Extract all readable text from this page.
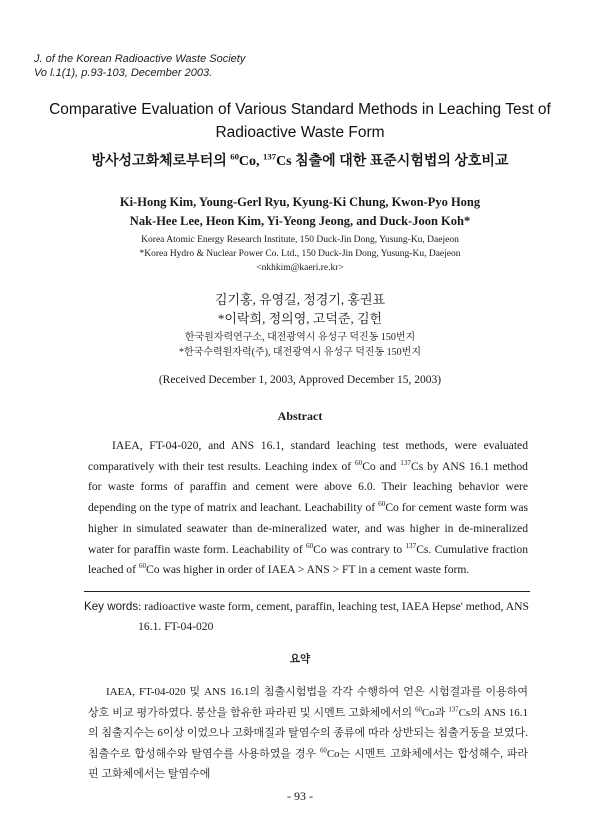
J. of the Korean Radioactive Waste Society
Vo l.1(1), p.93-103, December 2003.
Comparative Evaluation of Various Standard Methods in Leaching Test of
Radioactive Waste Form
방사성고화체로부터의 $^{60}$Co, $^{137}$Cs 침출에 대한 표준시험법의 상호비교
Ki-Hong Kim, Young-Gerl Ryu, Kyung-Ki Chung, Kwon-Pyo Hong
Nak-Hee Lee, Heon Kim, Yi-Yeong Jeong, and Duck-Joon Koh*
Korea Atomic Energy Research Institute, 150 Duck-Jin Dong, Yusung-Ku, Daejeon
*Korea Hydro & Nuclear Power Co. Ltd., 150 Duck-Jin Dong, Yusung-Ku, Daejeon
<nkhkim@kaeri.re.kr>
김기홍, 유영길, 정경기, 홍권표
*이락희, 정의영, 고덕준, 김헌
한국원자력연구소, 대전광역시 유성구 덕진동 150번지
*한국수력원자력(주), 대전광역시 유성구 덕진동 150번지
(Received December 1, 2003, Approved December 15, 2003)
Abstract
IAEA, FT-04-020, and ANS 16.1, standard leaching test methods, were evaluated comparatively with their test results. Leaching index of $^{60}$Co and $^{137}$Cs by ANS 16.1 method for waste forms of paraffin and cement were above 6.0. Their leaching behavior were depending on the type of matrix and leachant. Leachability of $^{60}$Co for cement waste form was higher in simulated seawater than de-mineralized water, and was higher in de-mineralized water for paraffin waste form. Leachability of $^{60}$Co was contrary to $^{137}$Cs. Cumulative fraction leached of $^{60}$Co was higher in order of IAEA > ANS > FT in a cement waste form.
Key words : radioactive waste form, cement, paraffin, leaching test, IAEA Hepse' method, ANS 16.1. FT-04-020
요약
IAEA, FT-04-020 및 ANS 16.1의 침출시험법을 각각 수행하여 얻은 시험결과를 이용하여 상호 비교 평가하였다. 붕산을 함유한 파라핀 및 시멘트 고화체에서의 $^{60}$Co과 $^{137}$Cs의 ANS 16.1의 침출지수는 6이상 이었으나 고화매질과 탈염수의 종류에 따라 상반되는 침출거동을 보였다. 침출수로 합성해수와 탈염수를 사용하였을 경우 $^{60}$Co는 시멘트 고화체에서는 합성해수, 파라핀 고화체에서는 탈염수에
- 93 -
